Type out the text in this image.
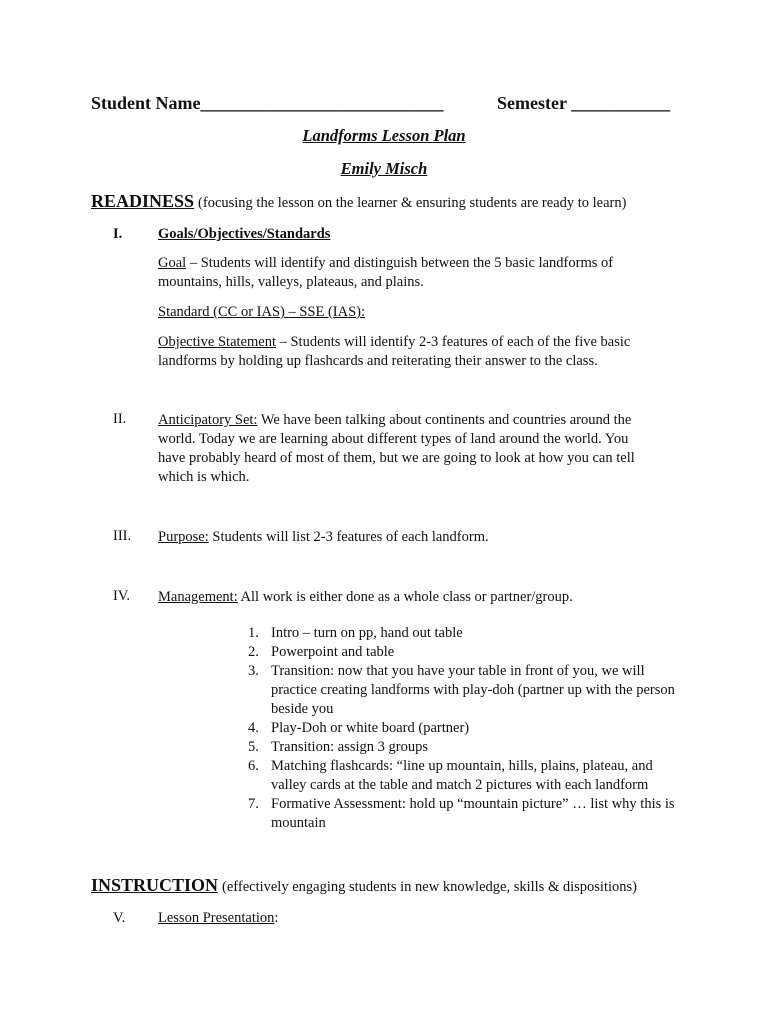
Student Name___________________________	Semester ___________
Landforms Lesson Plan
Emily Misch
READINESS (focusing the lesson on the learner & ensuring students are ready to learn)
I. Goals/Objectives/Standards
Goal – Students will identify and distinguish between the 5 basic landforms of mountains, hills, valleys, plateaus, and plains.
Standard (CC or IAS) – SSE (IAS):
Objective Statement – Students will identify 2-3 features of each of the five basic landforms by holding up flashcards and reiterating their answer to the class.
II. Anticipatory Set: We have been talking about continents and countries around the world. Today we are learning about different types of land around the world. You have probably heard of most of them, but we are going to look at how you can tell which is which.
III. Purpose: Students will list 2-3 features of each landform.
IV. Management: All work is either done as a whole class or partner/group.
1. Intro – turn on pp, hand out table
2. Powerpoint and table
3. Transition: now that you have your table in front of you, we will practice creating landforms with play-doh (partner up with the person beside you
4. Play-Doh or white board (partner)
5. Transition: assign 3 groups
6. Matching flashcards: “line up mountain, hills, plains, plateau, and valley cards at the table and match 2 pictures with each landform
7. Formative Assessment: hold up “mountain picture” … list why this is mountain
INSTRUCTION (effectively engaging students in new knowledge, skills & dispositions)
V. Lesson Presentation:
